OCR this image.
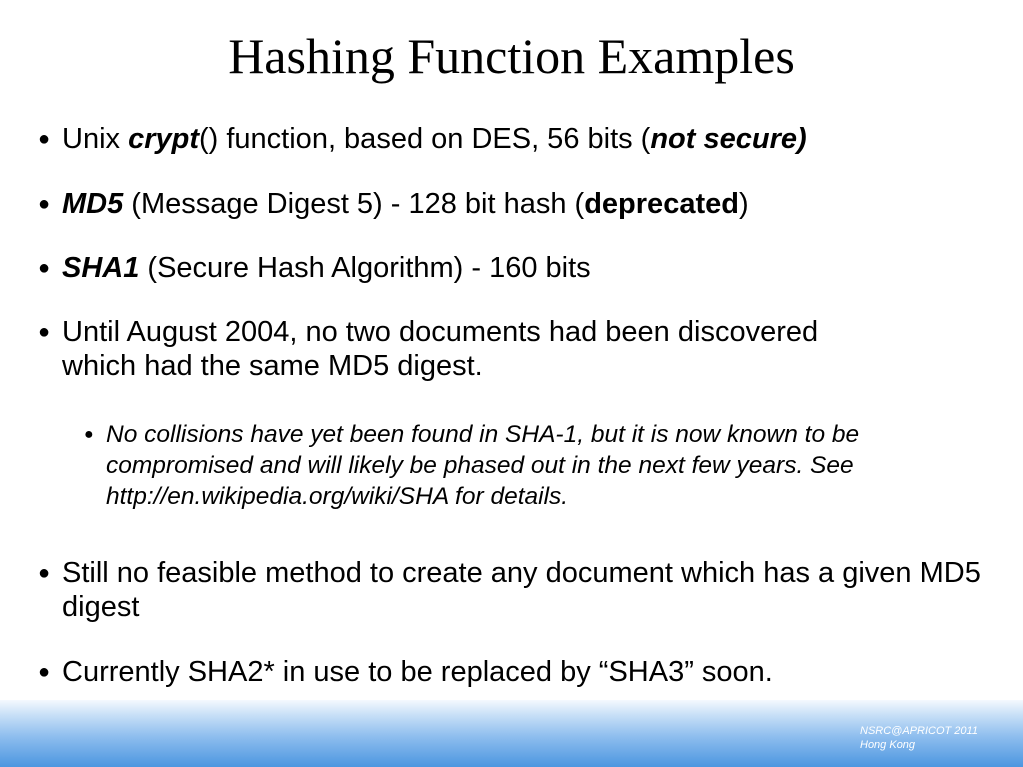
Hashing Function Examples
● Unix crypt() function, based on DES, 56 bits (not secure)
● MD5 (Message Digest 5) - 128 bit hash (deprecated)
● SHA1 (Secure Hash Algorithm) - 160 bits
● Until August 2004, no two documents had been discovered which had the same MD5 digest.
● No collisions have yet been found in SHA-1, but it is now known to be compromised and will likely be phased out in the next few years. See http://en.wikipedia.org/wiki/SHA for details.
● Still no feasible method to create any document which has a given MD5 digest
● Currently SHA2* in use to be replaced by “SHA3” soon.
NSRC@APRICOT 2011
Hong Kong
